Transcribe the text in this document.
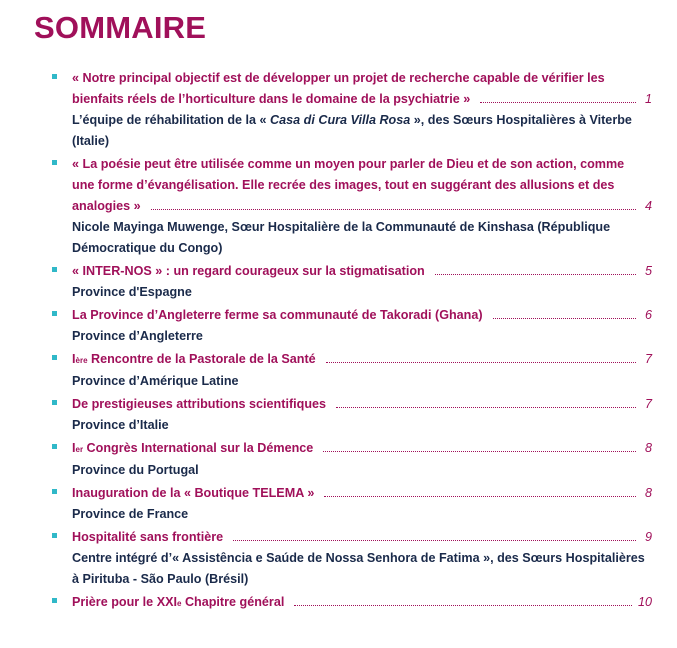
SOMMAIRE
« Notre principal objectif est de développer un projet de recherche capable de vérifier les
bienfaits réels de l’horticulture dans le domaine de la psychiatrie »	1
L’équipe de réhabilitation de la « Casa di Cura Villa Rosa », des Sœurs Hospitalières à Viterbe (Italie)
« La poésie peut être utilisée comme un moyen pour parler de Dieu et de son action, comme
une forme d’évangélisation. Elle recrée des images, tout en suggérant des allusions et des
analogies »	4
Nicole Mayinga Muwenge, Sœur Hospitalière de la Communauté de Kinshasa (République Démocratique du Congo)
« INTER-NOS » : un regard courageux sur la stigmatisation	5
Province d'Espagne
La Province d’Angleterre ferme sa communauté de Takoradi (Ghana)	6
Province d’Angleterre
Ière Rencontre de la Pastorale de la Santé	7
Province d’Amérique Latine
De prestigieuses attributions scientifiques	7
Province d’Italie
Ier Congrès International sur la Démence	8
Province du Portugal
Inauguration de la « Boutique TELEMA »	8
Province de France
Hospitalité sans frontière	9
Centre intégré d’« Assistência e Saúde de Nossa Senhora de Fatima », des Sœurs Hospitalières à Pirituba - São Paulo (Brésil)
Prière pour le XXIe Chapitre général	10
